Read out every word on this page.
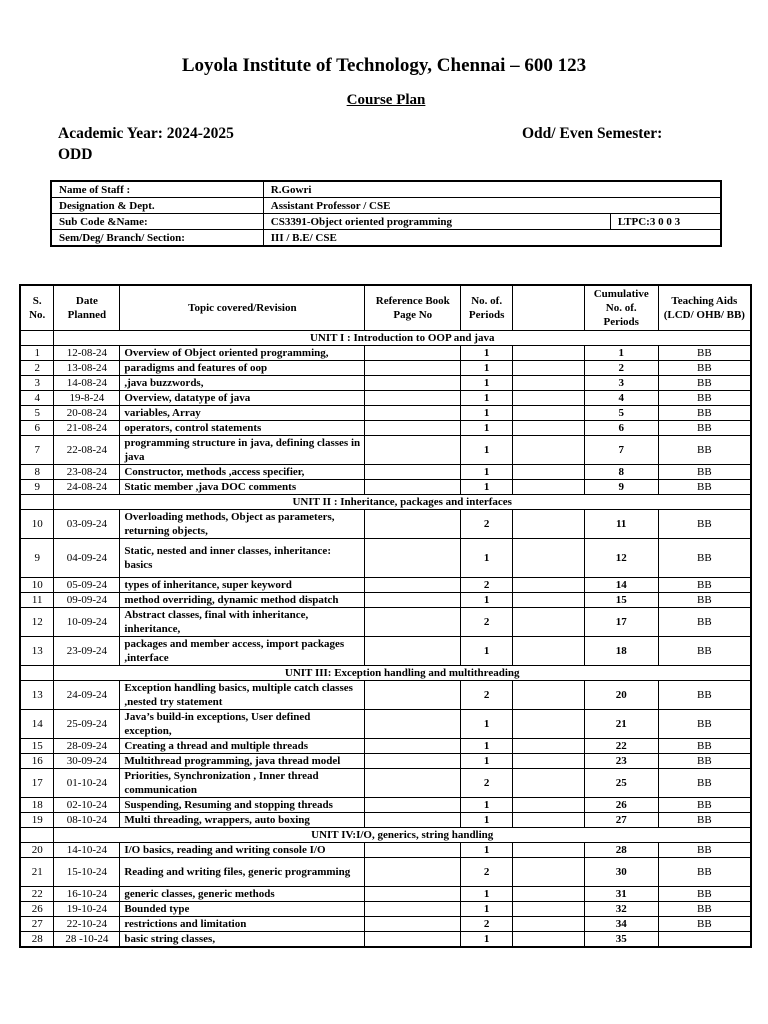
Loyola Institute of Technology, Chennai – 600 123
Course Plan
Academic Year: 2024-2025	Odd/ Even Semester:
ODD
Name of Staff :	R.Gowri	
Designation & Dept.	Assistant Professor / CSE	
Sub Code &Name:	CS3391-Object oriented programming	LTPC:3 0 0 3
Sem/Deg/ Branch/ Section:	III / B.E/ CSE	
S. No.	Date Planned	Topic covered/Revision	Reference Book Page No	No. of. Periods		Cumulative No. of. Periods	Teaching Aids (LCD/ OHB/ BB)
	UNIT I : Introduction to OOP and java						
1	12-08-24	Overview of Object oriented programming,		1		1	BB
2	13-08-24	paradigms and features of oop		1		2	BB
3	14-08-24	,java buzzwords,		1		3	BB
4	19-8-24	Overview, datatype of java		1		4	BB
5	20-08-24	variables, Array		1		5	BB
6	21-08-24	operators, control statements		1		6	BB
7	22-08-24	programming structure in java, defining classes in java		1		7	BB
8	23-08-24	Constructor, methods ,access specifier,		1		8	BB
9	24-08-24	Static member ,java DOC comments		1		9	BB
	UNIT II : Inheritance, packages and interfaces						
10	03-09-24	Overloading methods, Object as parameters, returning objects,		2		11	BB
9	04-09-24	Static, nested and inner classes, inheritance: basics		1		12	BB
10	05-09-24	types of inheritance, super keyword		2		14	BB
11	09-09-24	method overriding, dynamic method dispatch		1		15	BB
12	10-09-24	Abstract classes, final with inheritance, inheritance,		2		17	BB
13	23-09-24	packages and member access, import packages ,interface		1		18	BB
	UNIT III: Exception handling and multithreading						
13	24-09-24	Exception handling basics, multiple catch classes ,nested try statement		2		20	BB
14	25-09-24	Java’s build-in exceptions, User defined exception,		1		21	BB
15	28-09-24	Creating a thread and multiple threads		1		22	BB
16	30-09-24	Multithread programming, java thread model		1		23	BB
17	01-10-24	Priorities, Synchronization , Inner thread communication		2		25	BB
18	02-10-24	Suspending, Resuming and stopping threads		1		26	BB
19	08-10-24	Multi threading, wrappers, auto boxing		1		27	BB
	UNIT IV:I/O, generics, string handling						
20	14-10-24	I/O basics, reading and writing console I/O		1		28	BB
21	15-10-24	Reading and writing files, generic programming		2		30	BB
22	16-10-24	generic classes, generic methods		1		31	BB
26	19-10-24	Bounded type		1		32	BB
27	22-10-24	restrictions and limitation		2		34	BB
28	28 -10-24	basic string classes,		1		35	
